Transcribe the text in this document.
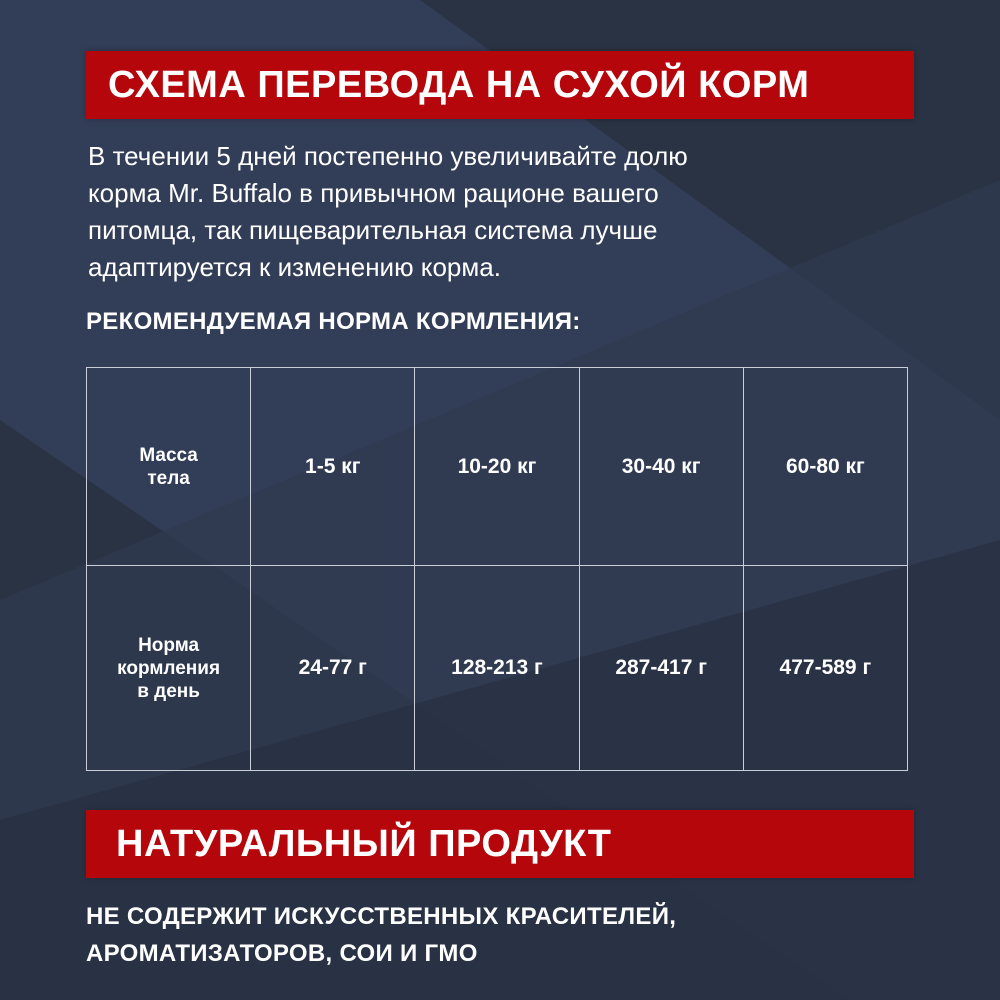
СХЕМА ПЕРЕВОДА НА СУХОЙ КОРМ

В течении 5 дней постепенно увеличивайте долю
корма Mr. Buffalo в привычном рационе вашего
питомца, так пищеварительная система лучше
адаптируется к изменению корма.

РЕКОМЕНДУЕМАЯ НОРМА КОРМЛЕНИЯ:
Масса
тела	1-5 кг	10-20 кг	30-40 кг	60-80 кг

Норма
кормления
в день	24-77 г	128-213 г	287-417 г	477-589 г
НАТУРАЛЬНЫЙ ПРОДУКТ

НЕ СОДЕРЖИТ ИСКУССТВЕННЫХ КРАСИТЕЛЕЙ,
АРОМАТИЗАТОРОВ, СОИ И ГМО
